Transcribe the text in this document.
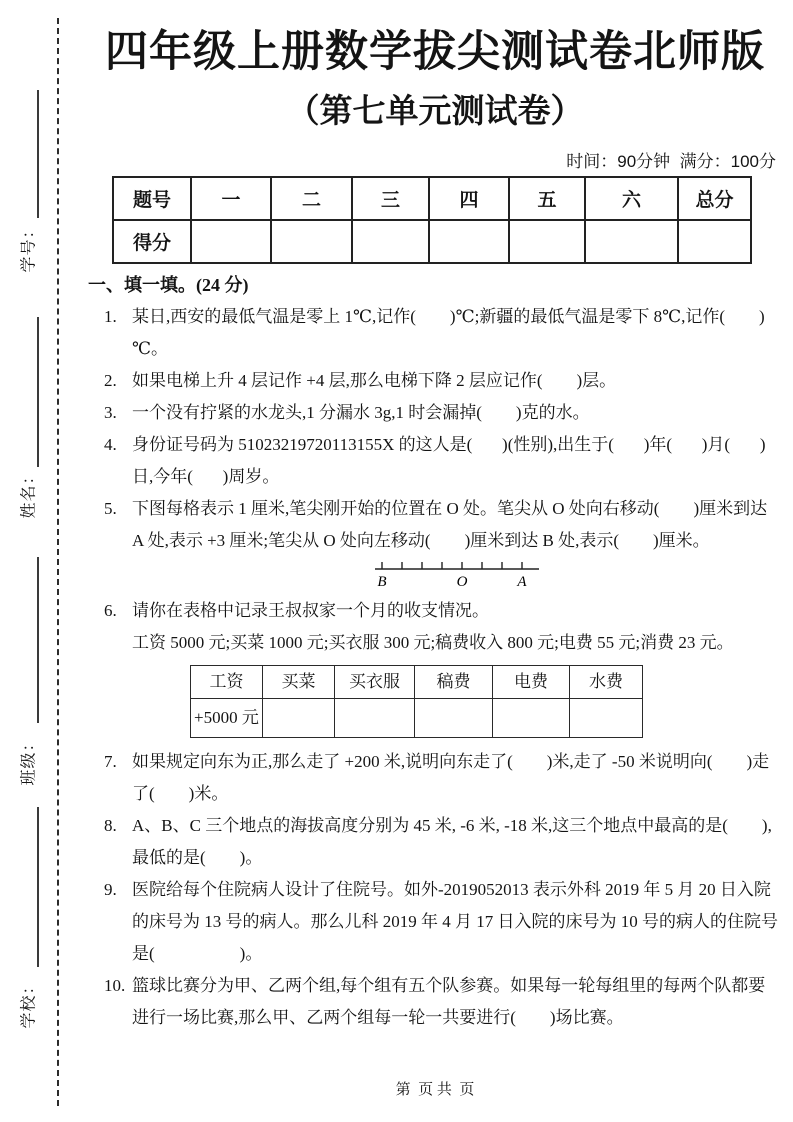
学号：
姓名：
班级：
学校：
四年级上册数学拔尖测试卷北师版
（第七单元测试卷）
时间：90分钟  满分：100分
题号	一	二	三	四	五	六	总分
得分							
一、填一填。(24 分)
1. 某日,西安的最低气温是零上 1℃,记作(        )℃;新疆的最低气温是零下 8℃,记作(        )℃。
2. 如果电梯上升 4 层记作 +4 层,那么电梯下降 2 层应记作(        )层。
3. 一个没有拧紧的水龙头,1 分漏水 3g,1 时会漏掉(        )克的水。
4. 身份证号码为 51023219720113155X 的这人是(       )(性别),出生于(       )年(       )月(       )日,今年(       )周岁。
5. 下图每格表示 1 厘米,笔尖刚开始的位置在 O 处。笔尖从 O 处向右移动(        )厘米到达 A 处,表示 +3 厘米;笔尖从 O 处向左移动(        )厘米到达 B 处,表示(        )厘米。
B	O	A
6. 请你在表格中记录王叔叔家一个月的收支情况。
工资 5000 元;买菜 1000 元;买衣服 300 元;稿费收入 800 元;电费 55 元;消费 23 元。
工资	买菜	买衣服	稿费	电费	水费
+5000 元					
7. 如果规定向东为正,那么走了 +200 米,说明向东走了(        )米,走了 -50 米说明向(        )走了(        )米。
8. A、B、C 三个地点的海拔高度分别为 45 米, -6 米, -18 米,这三个地点中最高的是(        ),最低的是(        )。
9. 医院给每个住院病人设计了住院号。如外-2019052013 表示外科 2019 年 5 月 20 日入院的床号为 13 号的病人。那么儿科 2019 年 4 月 17 日入院的床号为 10 号的病人的住院号是(                    )。
10. 篮球比赛分为甲、乙两个组,每个组有五个队参赛。如果每一轮每组里的每两个队都要进行一场比赛,那么甲、乙两个组每一轮一共要进行(        )场比赛。
第  页 共  页
